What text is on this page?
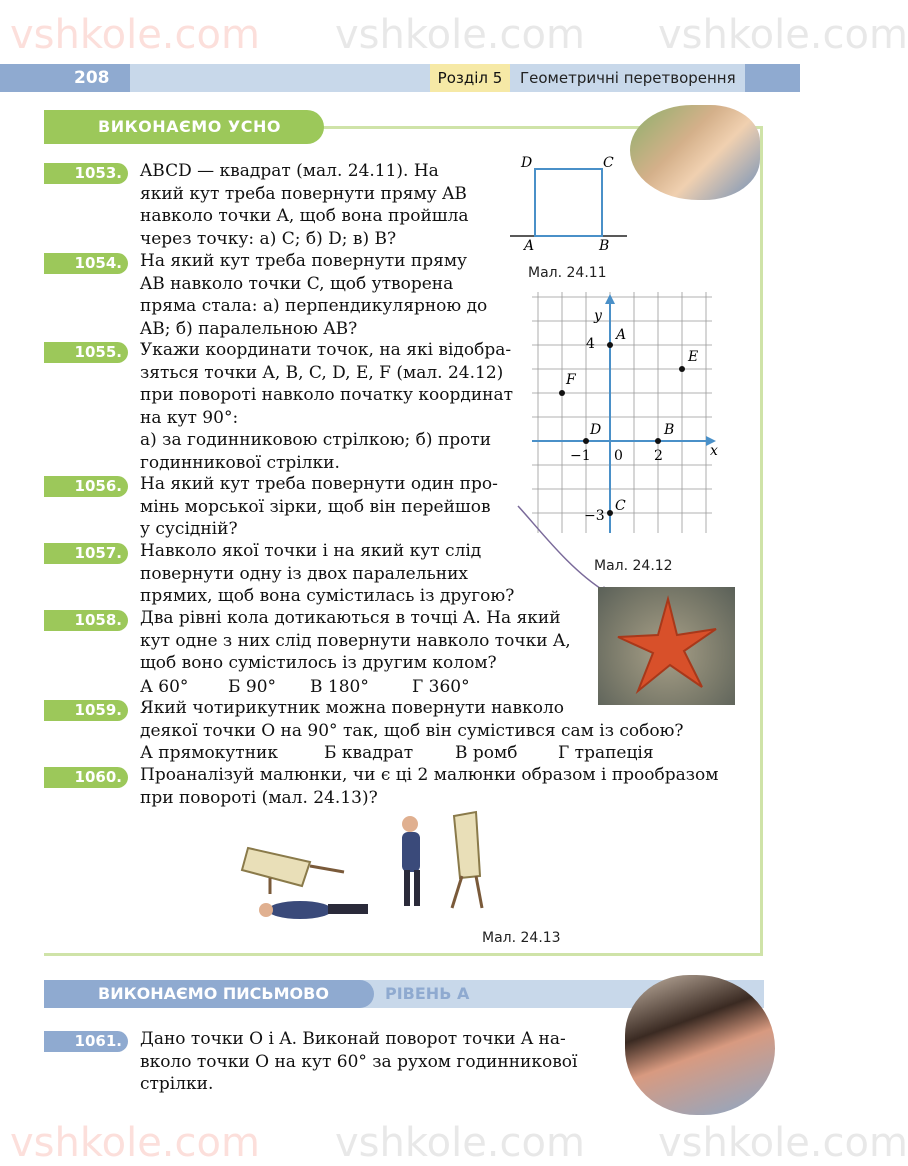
208	Розділ 5	Геометричні перетворення
ВИКОНАЄМО УСНО
1053.	ABCD — квадрат (мал. 24.11). На
який кут треба повернути пряму AB
навколо точки A, щоб вона пройшла
через точку: а) C; б) D; в) B?
D	C
A	B
Мал. 24.11
1054.	На який кут треба повернути пряму
AB навколо точки C, щоб утворена
пряма стала: а) перпендикулярною до
AB; б) паралельною AB?
y
x
4
−1 0 2
−3
A
B
C
D
E
F
Мал. 24.12
1055.	Укажи координати точок, на які відобра-
зяться точки A, B, C, D, E, F (мал. 24.12)
при повороті навколо початку координат
на кут 90°:
а) за годинниковою стрілкою; б) проти
годинникової стрілки.
1056.	На який кут треба повернути один про-
мінь морської зірки, щоб він перейшов
у сусідній?
1057.	Навколо якої точки і на який кут слід
повернути одну із двох паралельних
прямих, щоб вона сумістилась із другою?
1058.	Два рівні кола дотикаються в точці A. На який
кут одне з них слід повернути навколо точки A,
щоб воно сумістилось із другим колом?
А 60° Б 90° В 180°	Г 360°
1059.	Який чотирикутник можна повернути навколо
деякої точки O на 90° так, щоб він сумістився сам із собою?
А прямокутник	Б квадрат В ромб Г трапеція
1060.	Проаналізуй малюнки, чи є ці 2 малюнки образом і прообразом
при повороті (мал. 24.13)?
Мал. 24.13
ВИКОНАЄМО ПИСЬМОВО	РІВЕНЬ А
1061.	Дано точки O і A. Виконай поворот точки A на-
вколо точки O на кут 60° за рухом годинникової
стрілки.
vshkole.com vshkole.com vshkole.com
vshkole.com vshkole.com vshkole.com
